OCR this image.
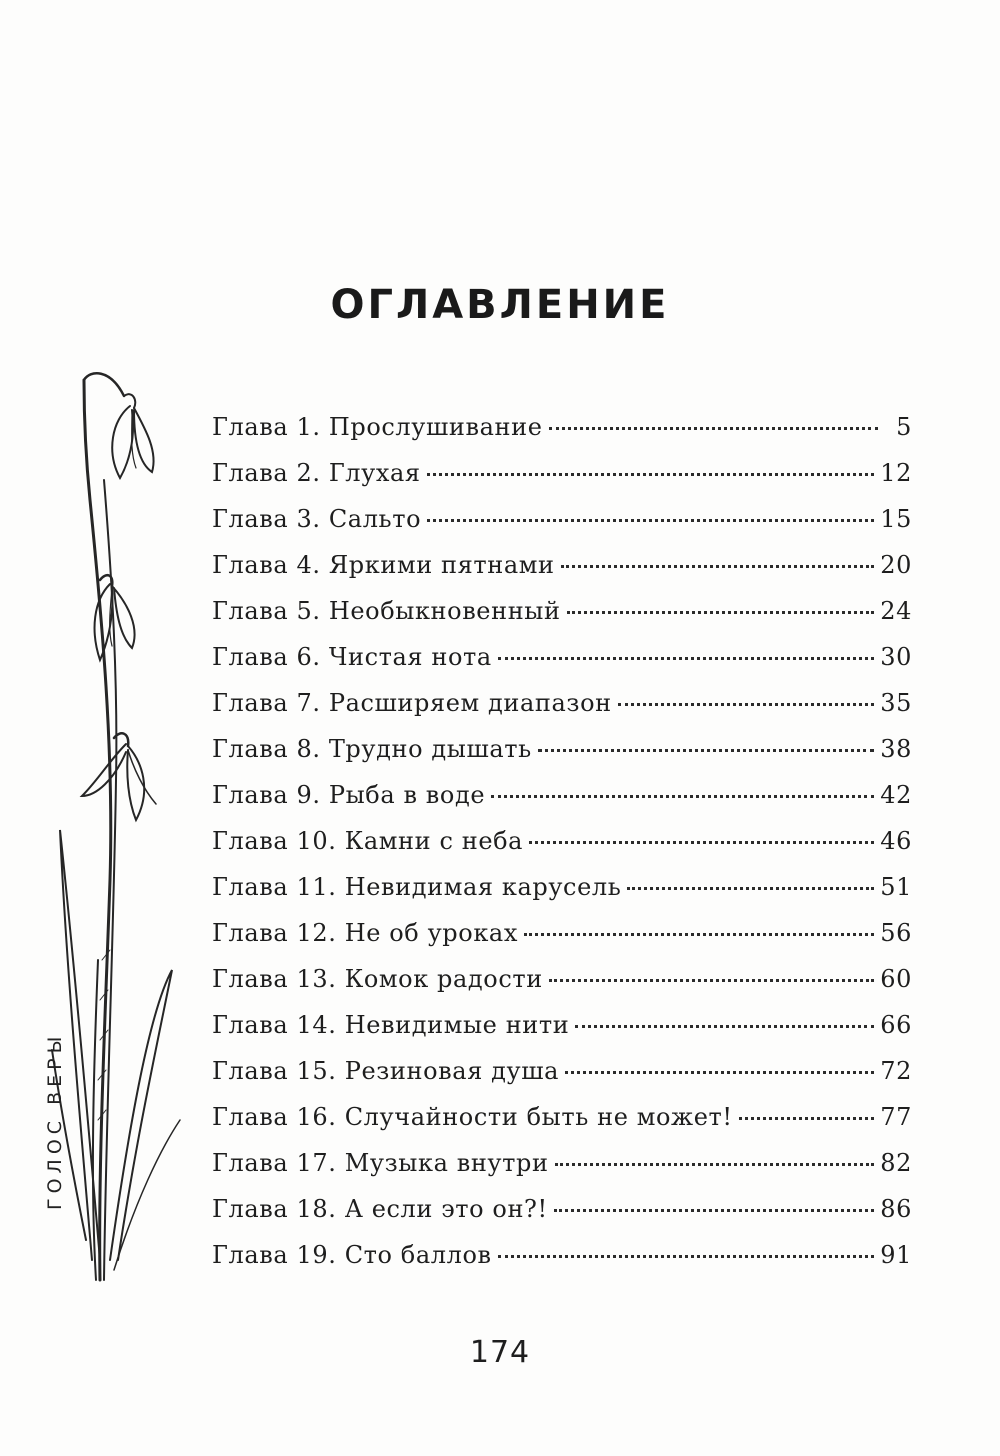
ОГЛАВЛЕНИЕ
ГОЛОС ВЕРЫ
Глава 1. Прослушивание	5
Глава 2. Глухая	12
Глава 3. Сальто	15
Глава 4. Яркими пятнами	20
Глава 5. Необыкновенный	24
Глава 6. Чистая нота	30
Глава 7. Расширяем диапазон	35
Глава 8. Трудно дышать	38
Глава 9. Рыба в воде	42
Глава 10. Камни с неба	46
Глава 11. Невидимая карусель	51
Глава 12. Не об уроках	56
Глава 13. Комок радости	60
Глава 14. Невидимые нити	66
Глава 15. Резиновая душа	72
Глава 16. Случайности быть не может!	77
Глава 17. Музыка внутри	82
Глава 18. А если это он?!	86
Глава 19. Сто баллов	91
174
